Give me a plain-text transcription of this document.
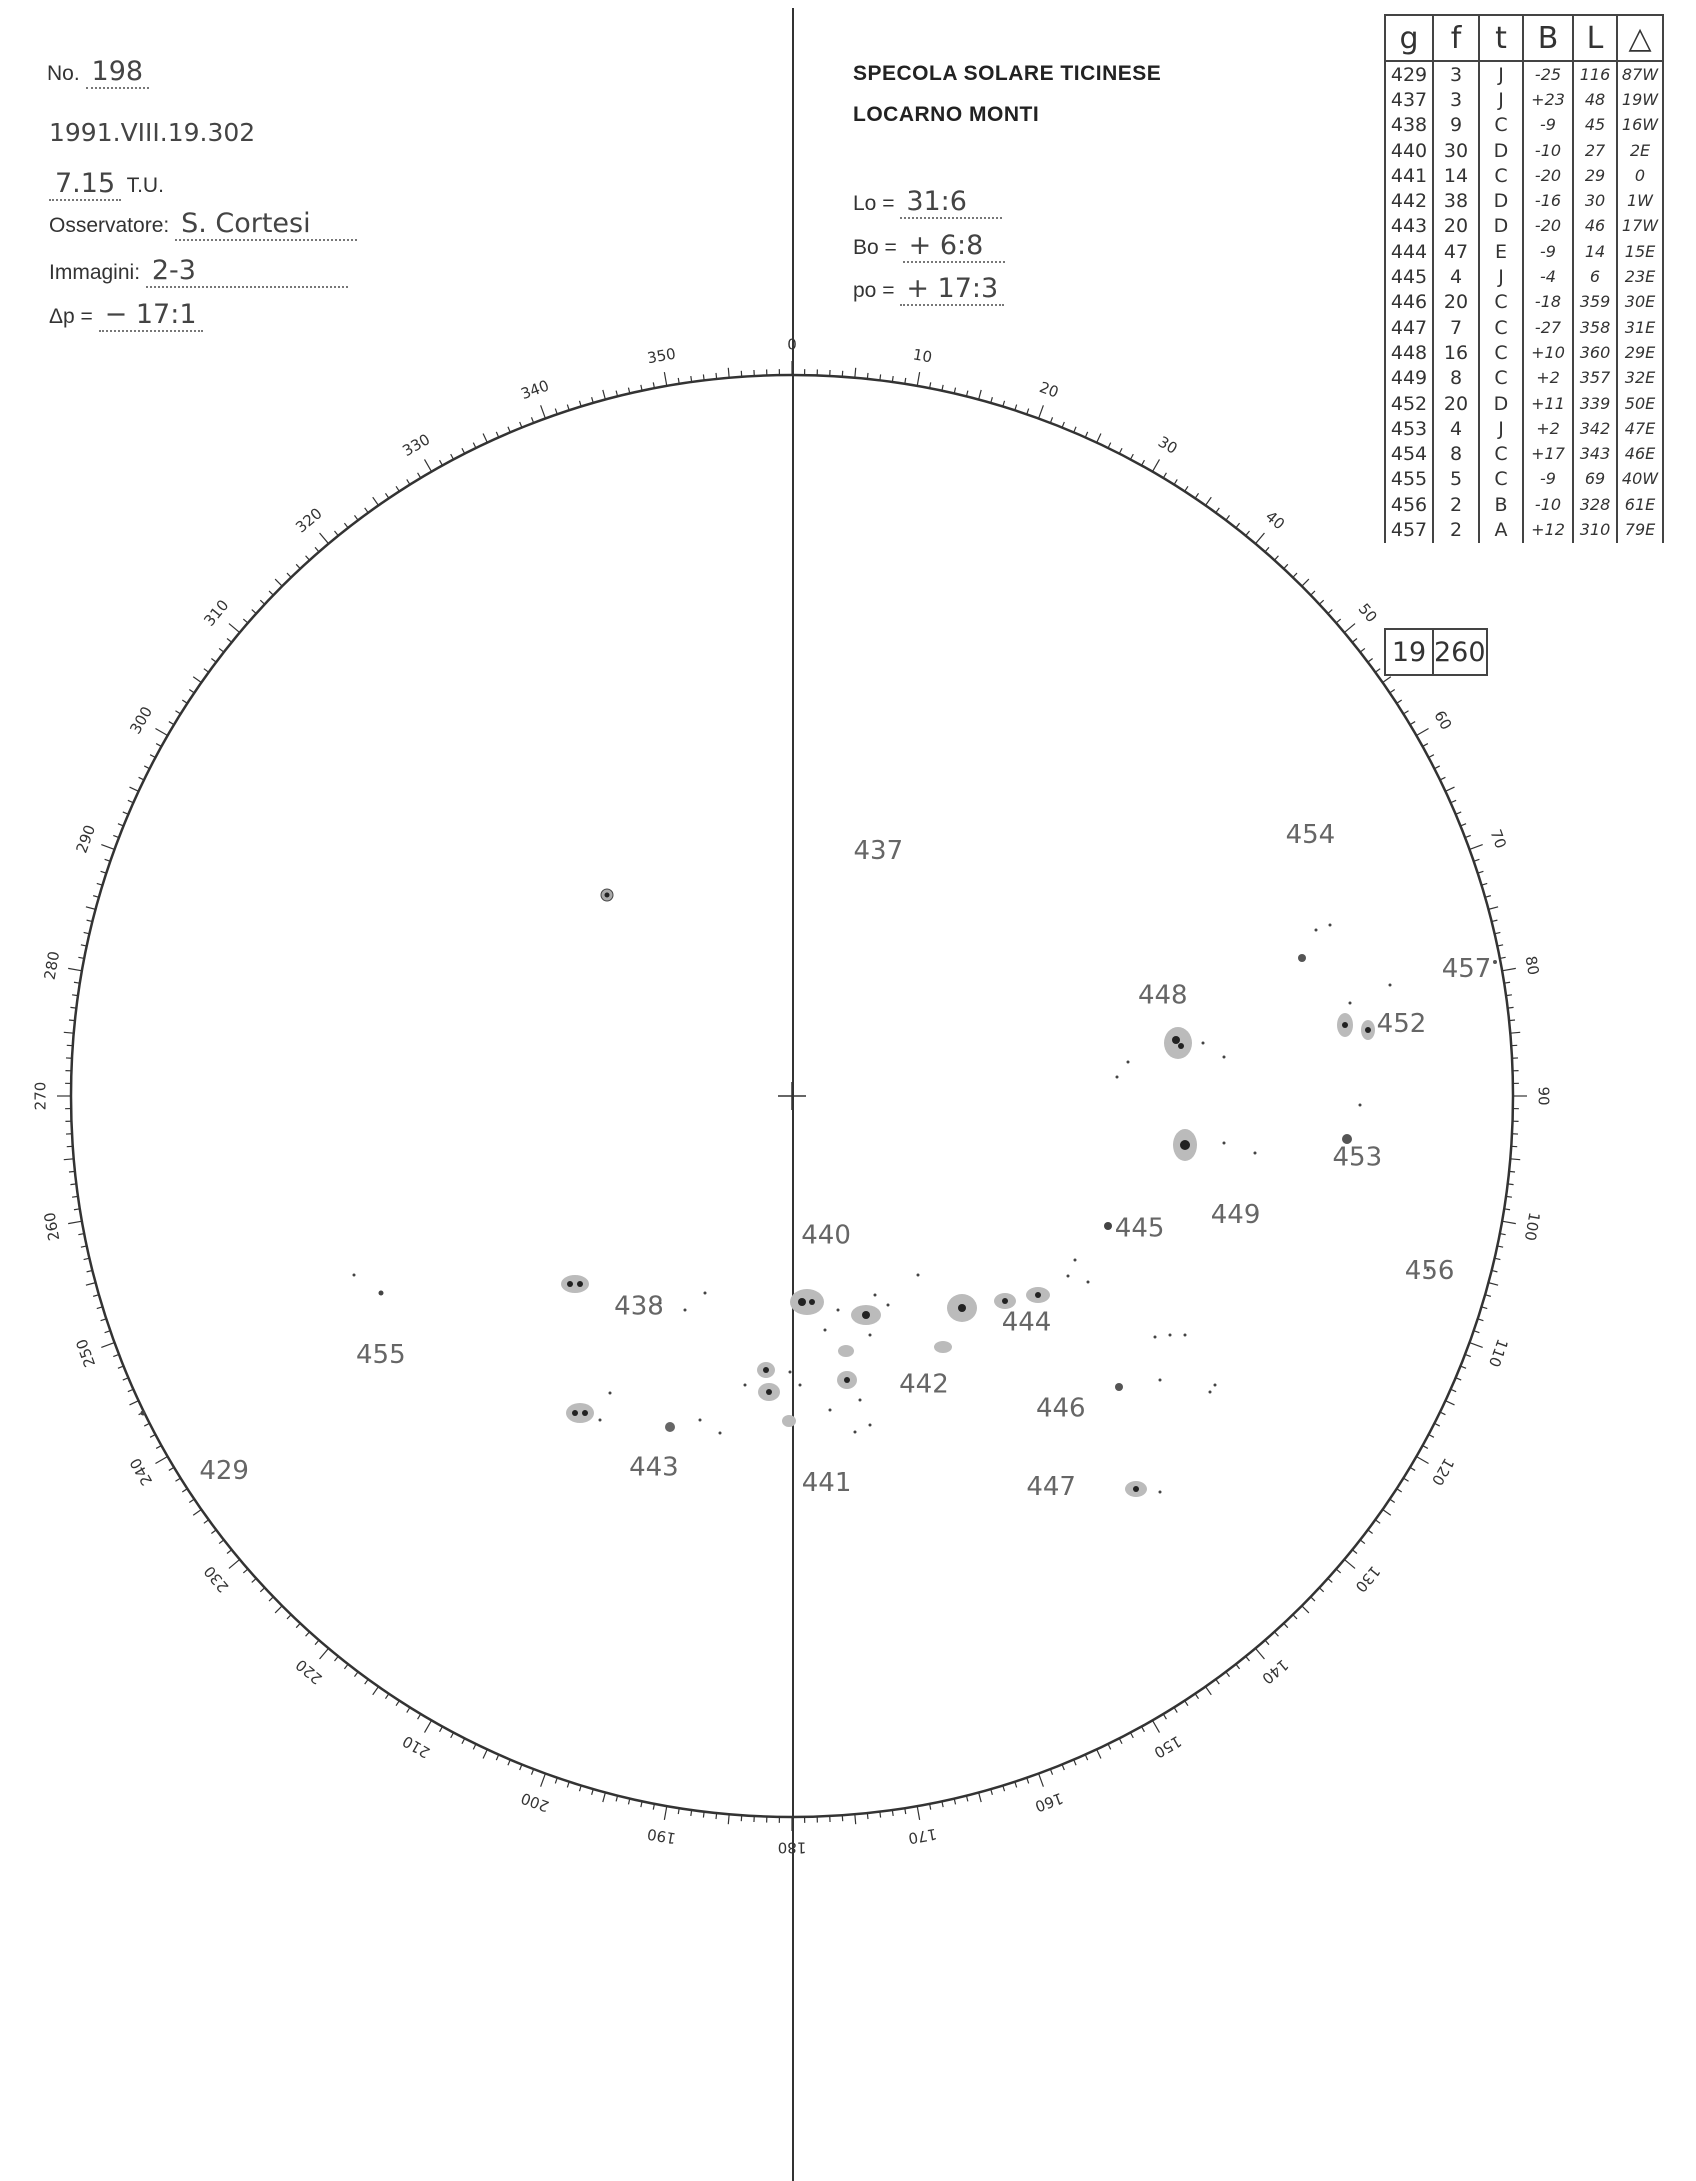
No. 198
1991.VIII.19.302
7.15 T.U.
Osservatore: S. Cortesi
Immagini: 2-3
Δp = − 17:1
SPECOLA SOLARE TICINESE
LOCARNO MONTI
Lo = 31:6
Bo = + 6:8
po = + 17:3
g	f	t	B	L	△
429	3	J	-25	116	87W
437	3	J	+23	48	19W
438	9	C	-9	45	16W
440	30	D	-10	27	2E
441	14	C	-20	29	0
442	38	D	-16	30	1W
443	20	D	-20	46	17W
444	47	E	-9	14	15E
445	4	J	-4	6	23E
446	20	C	-18	359	30E
447	7	C	-27	358	31E
448	16	C	+10	360	29E
449	8	C	+2	357	32E
452	20	D	+11	339	50E
453	4	J	+2	342	47E
454	8	C	+17	343	46E
455	5	C	-9	69	40W
456	2	B	-10	328	61E
457	2	A	+12	310	79E
19	260
0
10
20
30
40
50
60
70
80
90
100
110
120
130
140
150
160
170
180
190
200
210
220
230
240
250
260
270
280
290
300
310
320
330
340
350
437
454
448
457
452
453
449
445
456
440
444
446
442
447
441
443
438
455
429
